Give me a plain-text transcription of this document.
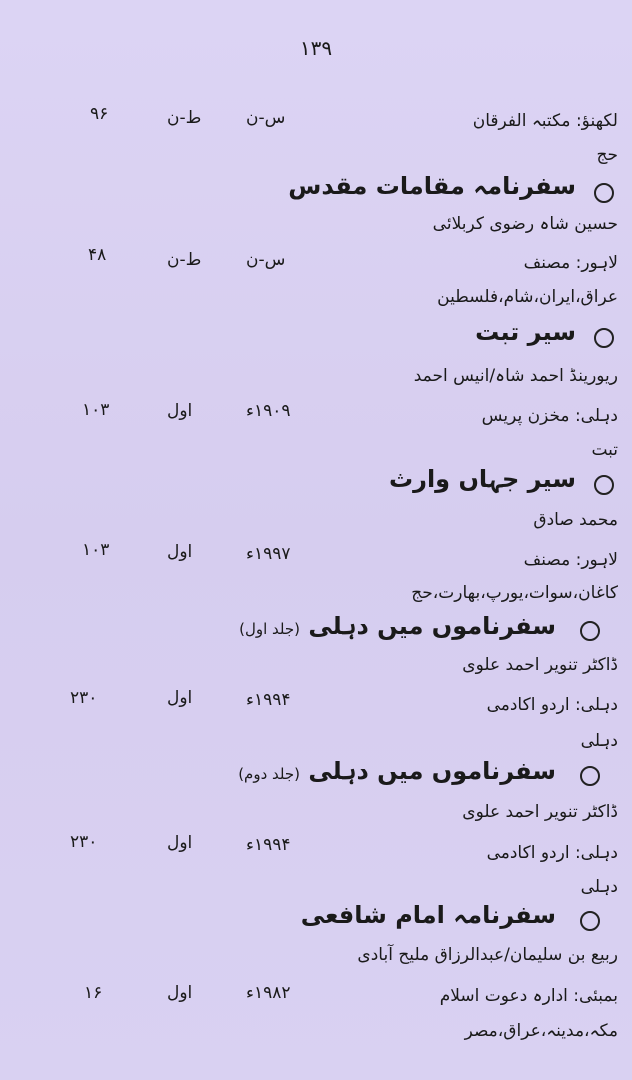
۱۳۹
لکھنؤ: مکتبہ الفرقان
س-ن
ط-ن
۹۶
حج
سفرنامہ مقامات مقدس
حسین شاہ رضوی کربلائی
لاہور: مصنف
س-ن
ط-ن
۴۸
عراق،ایران،شام،فلسطین
سیر تبت
ریورینڈ احمد شاہ/انیس احمد
دہلی: مخزن پریس
۱۹۰۹ء
اول
۱۰۳
تبت
سیر جہاں وارث
محمد صادق
لاہور: مصنف
۱۹۹۷ء
اول
۱۰۳
کاغان،سوات،یورپ،بھارت،حج
سفرناموں میں دہلی (جلد اول)
ڈاکٹر تنویر احمد علوی
دہلی: اردو اکادمی
۱۹۹۴ء
اول
۲۳۰
دہلی
سفرناموں میں دہلی (جلد دوم)
ڈاکٹر تنویر احمد علوی
دہلی: اردو اکادمی
۱۹۹۴ء
اول
۲۳۰
دہلی
سفرنامہ امام شافعی
ربیع بن سلیمان/عبدالرزاق ملیح آبادی
بمبئی: ادارہ دعوت اسلام
۱۹۸۲ء
اول
۱۶
مکہ،مدینہ،عراق،مصر
